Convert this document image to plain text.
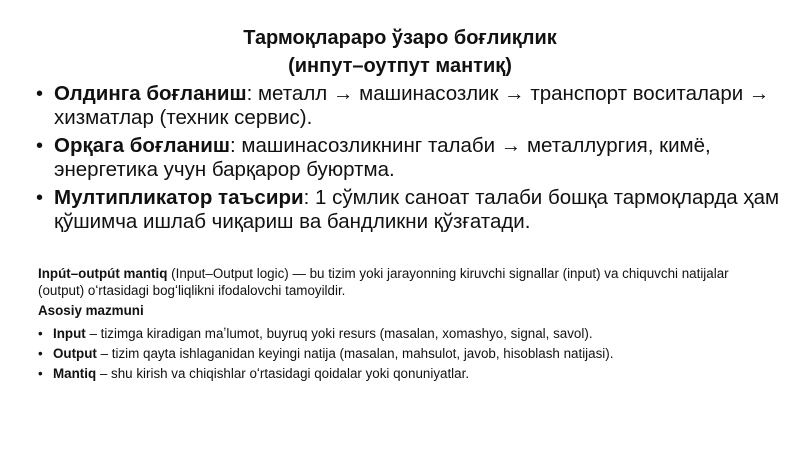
Тармоқлараро ўзаро боғлиқлик
(инпут–оутпут мантиқ)
• Олдинга боғланиш: металл → машинасозлик → транспорт воситалари → хизматлар (техник сервис).
• Орқага боғланиш: машинасозликнинг талаби → металлургия, кимё, энергетика учун барқарор буюртма.
• Мултипликатор таъсири: 1 сўмлик саноат талаби бошқа тармоқларда ҳам қўшимча ишлаб чиқариш ва бандликни қўзғатади.
Inpút–outpút mantiq (Input–Output logic) — bu tizim yoki jarayonning kiruvchi signallar (input) va chiquvchi natijalar (output) oʻrtasidagi bogʻliqlikni ifodalovchi tamoyildir.
Asosiy mazmuni
• Input – tizimga kiradigan maʼlumot, buyruq yoki resurs (masalan, xomashyo, signal, savol).
• Output – tizim qayta ishlaganidan keyingi natija (masalan, mahsulot, javob, hisoblash natijasi).
• Mantiq – shu kirish va chiqishlar oʻrtasidagi qoidalar yoki qonuniyatlar.
